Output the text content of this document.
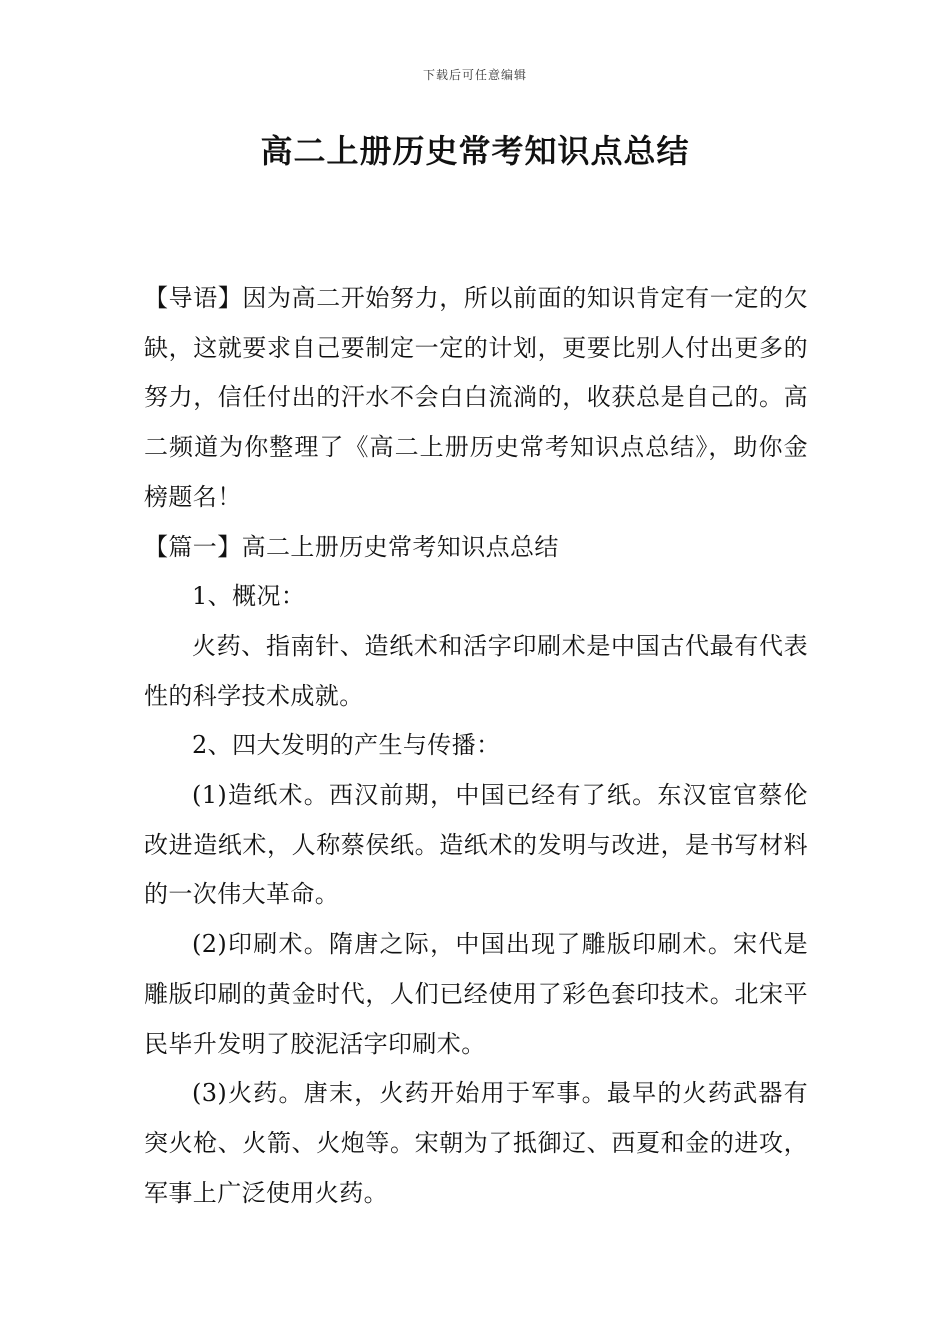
下载后可任意编辑
高二上册历史常考知识点总结

【导语】因为高二开始努力，所以前面的知识肯定有一定的欠缺，这就要求自己要制定一定的计划，更要比别人付出更多的努力，信任付出的汗水不会白白流淌的，收获总是自己的。高二频道为你整理了《高二上册历史常考知识点总结》，助你金榜题名！

【篇一】高二上册历史常考知识点总结

1、概况：

火药、指南针、造纸术和活字印刷术是中国古代最有代表性的科学技术成就。

2、四大发明的产生与传播：

(1)造纸术。西汉前期，中国已经有了纸。东汉宦官蔡伦改进造纸术，人称蔡侯纸。造纸术的发明与改进，是书写材料的一次伟大革命。

(2)印刷术。隋唐之际，中国出现了雕版印刷术。宋代是雕版印刷的黄金时代，人们已经使用了彩色套印技术。北宋平民毕升发明了胶泥活字印刷术。

(3)火药。唐末，火药开始用于军事。最早的火药武器有突火枪、火箭、火炮等。宋朝为了抵御辽、西夏和金的进攻，军事上广泛使用火药。
